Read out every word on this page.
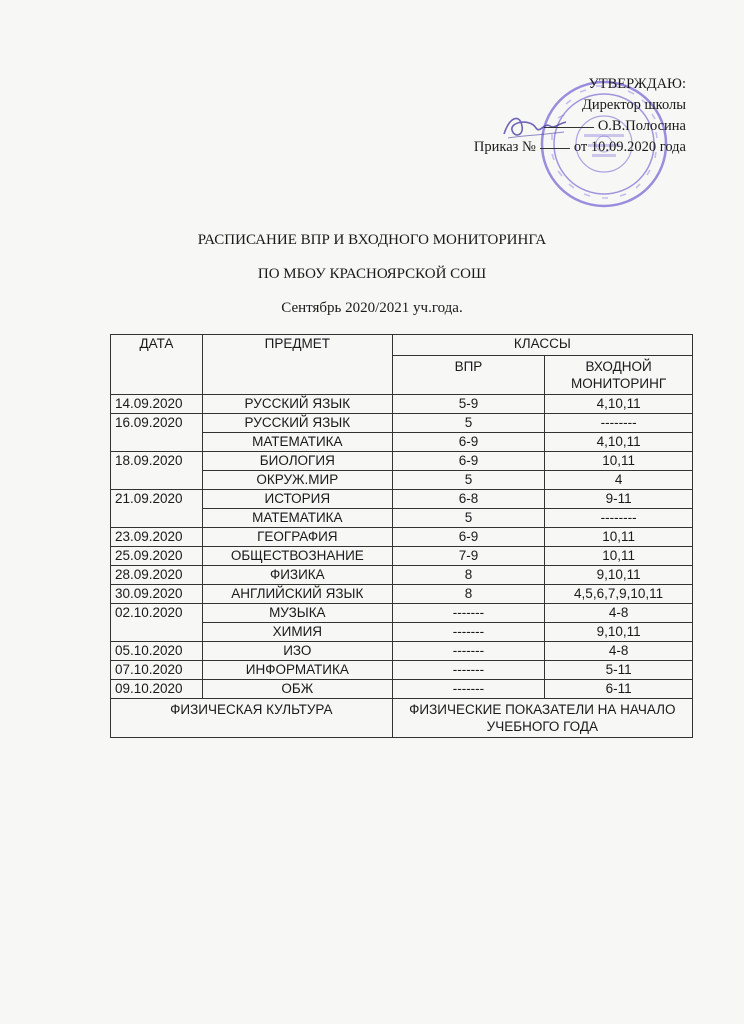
УТВЕРЖДАЮ:
Директор школы
О.В.Полосина
Приказ №	от 10.09.2020 года
РАСПИСАНИЕ ВПР И ВХОДНОГО МОНИТОРИНГА
ПО МБОУ КРАСНОЯРСКОЙ СОШ
Сентябрь 2020/2021 уч.года.
ДАТА	ПРЕДМЕТ	КЛАССЫ	
		ВПР	ВХОДНОЙ МОНИТОРИНГ
14.09.2020	РУССКИЙ ЯЗЫК	5-9	4,10,11
16.09.2020	РУССКИЙ ЯЗЫК	5	--------
	МАТЕМАТИКА	6-9	4,10,11
18.09.2020	БИОЛОГИЯ	6-9	10,11
	ОКРУЖ.МИР	5	4
21.09.2020	ИСТОРИЯ	6-8	9-11
	МАТЕМАТИКА	5	--------
23.09.2020	ГЕОГРАФИЯ	6-9	10,11
25.09.2020	ОБЩЕСТВОЗНАНИЕ	7-9	10,11
28.09.2020	ФИЗИКА	8	9,10,11
30.09.2020	АНГЛИЙСКИЙ ЯЗЫК	8	4,5,6,7,9,10,11
02.10.2020	МУЗЫКА	-------	4-8
	ХИМИЯ	-------	9,10,11
05.10.2020	ИЗО	-------	4-8
07.10.2020	ИНФОРМАТИКА	-------	5-11
09.10.2020	ОБЖ	-------	6-11
ФИЗИЧЕСКАЯ КУЛЬТУРА		ФИЗИЧЕСКИЕ ПОКАЗАТЕЛИ НА НАЧАЛО УЧЕБНОГО ГОДА	
